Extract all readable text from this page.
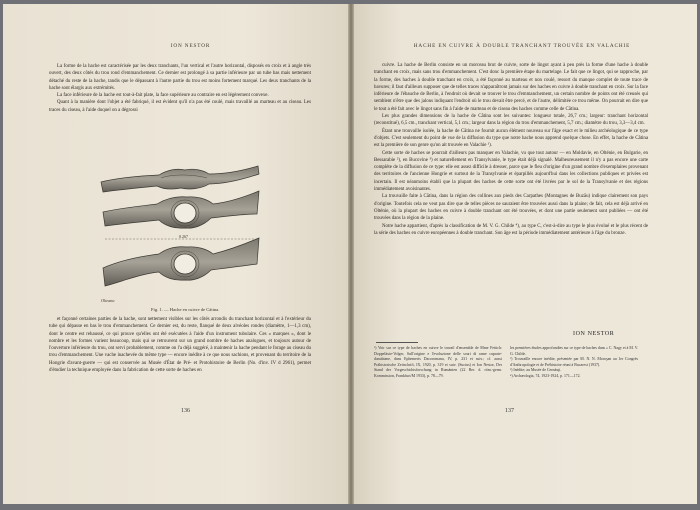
ION NESTOR

La forme de la hache est caractérisée par les deux tranchants, l'un vertical et l'autre horizontal, disposés en croix et à angle très ouvert, des deux côtés du trou rond d'emmanchement. Ce dernier est prolongé à sa partie inférieure par un tube bas mais nettement détaché du reste de la hache, tandis que le dépassant à l'autre partie du trou est moins fortement marqué. Les deux tranchants de la hache sont élargis aux extrémités.

La face inférieure de la hache est tout-à-fait plate, la face supérieure au contraire en est légèrement convexe.

Quant à la manière dont l'objet a été fabriqué, il est évident qu'il n'a pas été coulé, mais travaillé au marteau et au ciseau. Les traces du ciseau, à l'aide duquel on a dégrossi

0.267
Olteanu
Fig. 1. — Hache en cuivre de Cătina.

et façonné certaines parties de la hache, sont nettement visibles sur les côtés arrondis du tranchant horizontal et à l'extérieur du tube qui dépasse en bas le trou d'emmanchement. Ce dernier est, du reste, flanqué de deux alvéoles rondes (diamètre, 1—1,3 cm), dont le centre est rehaussé, ce qui prouve qu'elles ont été exécutées à l'aide d'un instrument tubulaire. Ces « marques », dont le nombre et les formes varient beaucoup, mais qui se retrouvent sur un grand nombre de haches analogues, et toujours autour de l'ouverture inférieure du trou, ont servi probablement, comme on l'a déjà suggéré, à maintenir la hache pendant le forage au ciseau du trou d'emmanchement. Une vache inachevée du même type — encore inédite à ce que nous sachions, et provenant du territoire de la Hongrie d'avant-guerre — qui est conservée au Musée d'État de Pré- et Protohistoire de Berlin (No. d'inv. IV d 2961), permet d'étudier la technique employée dans la fabrication de cette sorte de haches en

136
HACHE EN CUIVRE À DOUBLE TRANCHANT TROUVÉE EN VALACHIE

cuivre. La hache de Berlin consiste en un morceau brut de cuivre, sorte de lingot ayant à peu près la forme d'une hache à double tranchant en croix, mais sans trou d'emmanchement. C'est donc la première étape du martelage. Le fait que ce lingot, qui se rapproche, par la forme, des haches à double tranchant en croix, a été façonné au marteau et non coulé, ressort du manque complet de toute trace de bavures; il faut d'ailleurs supposer que de telles traces n'apparaîtront jamais sur des haches en cuivre à double tranchant en croix. Sur la face inférieure de l'ébauche de Berlin, à l'endroit où devait se trouver le trou d'emmanchement, un certain nombre de points ont été creusés qui semblent n'être que des jalons indiquant l'endroit où le trou devait être percé, et de l'autre, délimitée ce trou même. On pourrait en dire que le tout a été fait avec le lingot sans fin à l'aide de marteau et de ciseau des haches comme celle de Cătina.

Les plus grandes dimensions de la hache de Cătina sont les suivantes: longueur totale, 26,7 cm.; largeur: tranchant horizontal (reconstitué), 6,5 cm., tranchant vertical, 5,1 cm.; largeur dans la région du trou d'emmanchement, 5,7 cm.; diamètre du trou, 3,3—3,4 cm.

Étant une trouvaille isolée, la hache de Cătina ne fournit aucun élément nouveau sur l'âge exact et le milieu archéologique de ce type d'objets. C'est seulement du point de vue de la diffusion du type que notre hache nous apprend quelque chose. En effet, la hache de Cătina est la première de son genre qu'on ait trouvée en Valachie ¹).

Cette sorte de haches se pourrait d'ailleurs pas manquer en Valachie, vu que tout autour — en Moldavie, en Olténie, en Bulgarie, en Bessarabie ²), en Bucovine ³) et naturellement en Transylvanie, le type était déjà signalé. Malheureusement il n'y a pas encore une carte complète de la diffusion de ce type: elle est assez difficile à dresser, parce que le fleu d'origine d'un grand nombre d'exemplaires provenant des territoires de l'ancienne Hongrie et surtout de la Transylvanie et éparpillés aujourd'hui dans les collections publiques et privées est incertain. Il est néanmoins établi que la plupart des haches de cette sorte ont été livrées par le sol de la Transylvanie et des régions immédiatement avoisinantes.

La trouvaille faite à Cătina, dans la région des collines aux pieds des Carpathes (Montagnes de Buzău) indique clairement son pays d'origine. Toutefois cela ne veut pas dire que de telles pièces ne sauraient être trouvées aussi dans la plaine; de fait, cela est déjà arrivé en Olténie, où la plupart des haches en cuivre à double tranchant ont été trouvées, et dont une partie seulement sont publiées — ont été trouvées dans la région de la plaine.

Notre hache appartient, d'après la classification de M. V. G. Childe ⁴), au type C, c'est-à-dire au type le plus évolué et le plus récent de la série des haches en cuivre européennes à double tranchant. Son âge est la période immédiatement antérieure à l'âge du bronze.

ION NESTOR

¹) Voir sur ce type de haches en cuivre le travail d'ensemble de Mme Fettich: Doppeläxte-Volger, Sull'origine e l'evoluzione delle scuri di rame cuprate-danubiane, dans Ephemeris Dacoromana, IV, p. 231 et suiv.; cf. aussi Prähistorische Zeitschrift, IX, 1920, p. 319 et suiv. (Sucius) et Ion Nestor, Der Stand der Vorgeschichtsforschung in Rumänien (22 Ber. d. röm.-germ. Kommission, Frankfurt/M 1933), p. 78—79.

les premières études approfondies sur ce type de haches dans « C. Nagy et à M. V. G. Childe.

²) Trouvaille encore inédite, présentée par M. N. N. Moroşan au 1er Congrès d'Anthropologie et de Préhistoire réuni à Bucarest (1937).

³) Inédite; au Musée de Cernăuţi.

⁴) Archæologia, 74, 1923-1924, p. 171—172.

137
